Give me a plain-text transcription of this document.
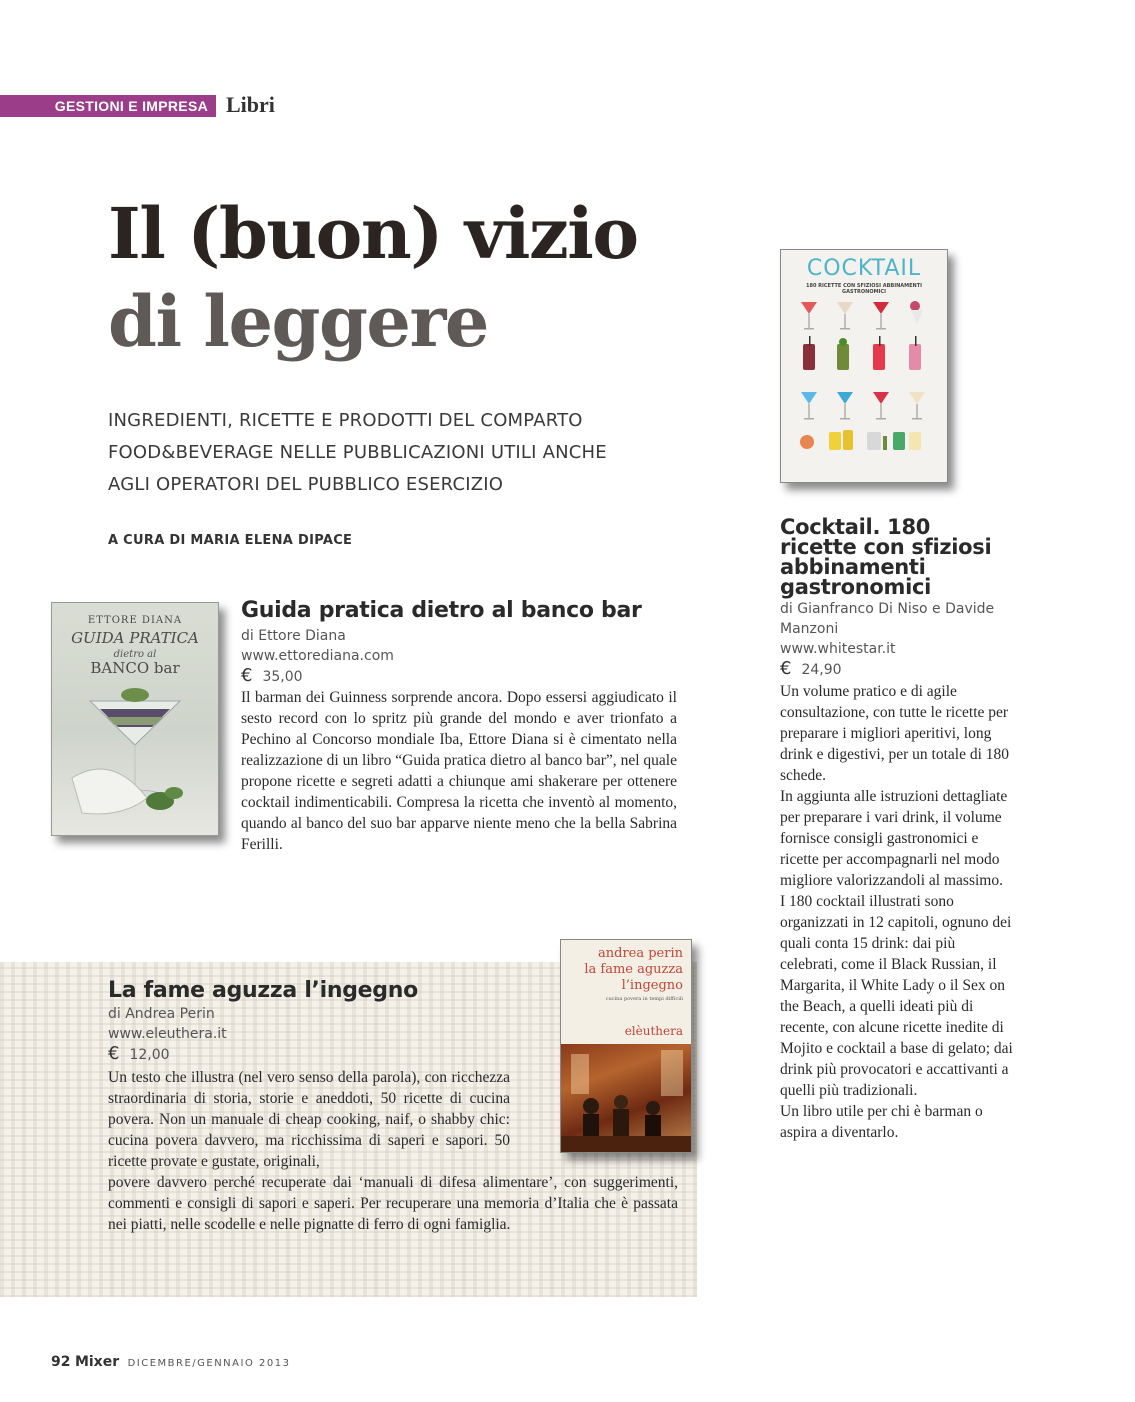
GESTIONI E IMPRESA Libri
Il (buon) vizio
di leggere
INGREDIENTI, RICETTE E PRODOTTI DEL COMPARTO
FOOD&BEVERAGE NELLE PUBBLICAZIONI UTILI ANCHE
AGLI OPERATORI DEL PUBBLICO ESERCIZIO
A CURA DI MARIA ELENA DIPACE
COCKTAIL
180 RICETTE CON SFIZIOSI ABBINAMENTI GASTRONOMICI
Cocktail. 180 ricette con sfiziosi abbinamenti gastronomici
di Gianfranco Di Niso e Davide Manzoni
www.whitestar.it
€ 24,90

Un volume pratico e di agile consultazione, con tutte le ricette per preparare i migliori aperitivi, long drink e digestivi, per un totale di 180 schede.

In aggiunta alle istruzioni dettagliate per preparare i vari drink, il volume fornisce consigli gastronomici e ricette per accompagnarli nel modo migliore valorizzandoli al massimo.

I 180 cocktail illustrati sono organizzati in 12 capitoli, ognuno dei quali conta 15 drink: dai più celebrati, come il Black Russian, il Margarita, il White Lady o il Sex on the Beach, a quelli ideati più di recente, con alcune ricette inedite di Mojito e cocktail a base di gelato; dai drink più provocatori e accattivanti a quelli più tradizionali.

Un libro utile per chi è barman o aspira a diventarlo.

ETTORE DIANA
GUIDA PRATICA
dietro al
BANCO bar
Guida pratica dietro al banco bar
di Ettore Diana
www.ettorediana.com
€ 35,00
Il barman dei Guinness sorprende ancora. Dopo essersi aggiudicato il sesto record con lo spritz più grande del mondo e aver trionfato a Pechino al Concorso mondiale Iba, Ettore Diana si è cimentato nella realizzazione di un libro “Guida pratica dietro al banco bar”, nel quale propone ricette e segreti adatti a chiunque ami shakerare per ottenere cocktail indimenticabili. Compresa la ricetta che inventò al momento, quando al banco del suo bar apparve niente meno che la bella Sabrina Ferilli.
andrea perin
la fame aguzza l’ingegno
cucina povera in tempi difficili
elèuthera
La fame aguzza l’ingegno
di Andrea Perin
www.eleuthera.it
€ 12,00

Un testo che illustra (nel vero senso della parola), con ricchezza straordinaria di storia, storie e aneddoti, 50 ricette di cucina povera. Non un manuale di cheap cooking, naif, o shabby chic: cucina povera davvero, ma ricchissima di saperi e sapori. 50 ricette provate e gustate, originali,

povere davvero perché recuperate dai ‘manuali di difesa alimentare’, con suggerimenti, commenti e consigli di sapori e saperi. Per recuperare una memoria d’Italia che è passata nei piatti, nelle scodelle e nelle pignatte di ferro di ogni famiglia.

92 Mixer DICEMBRE/GENNAIO 2013
